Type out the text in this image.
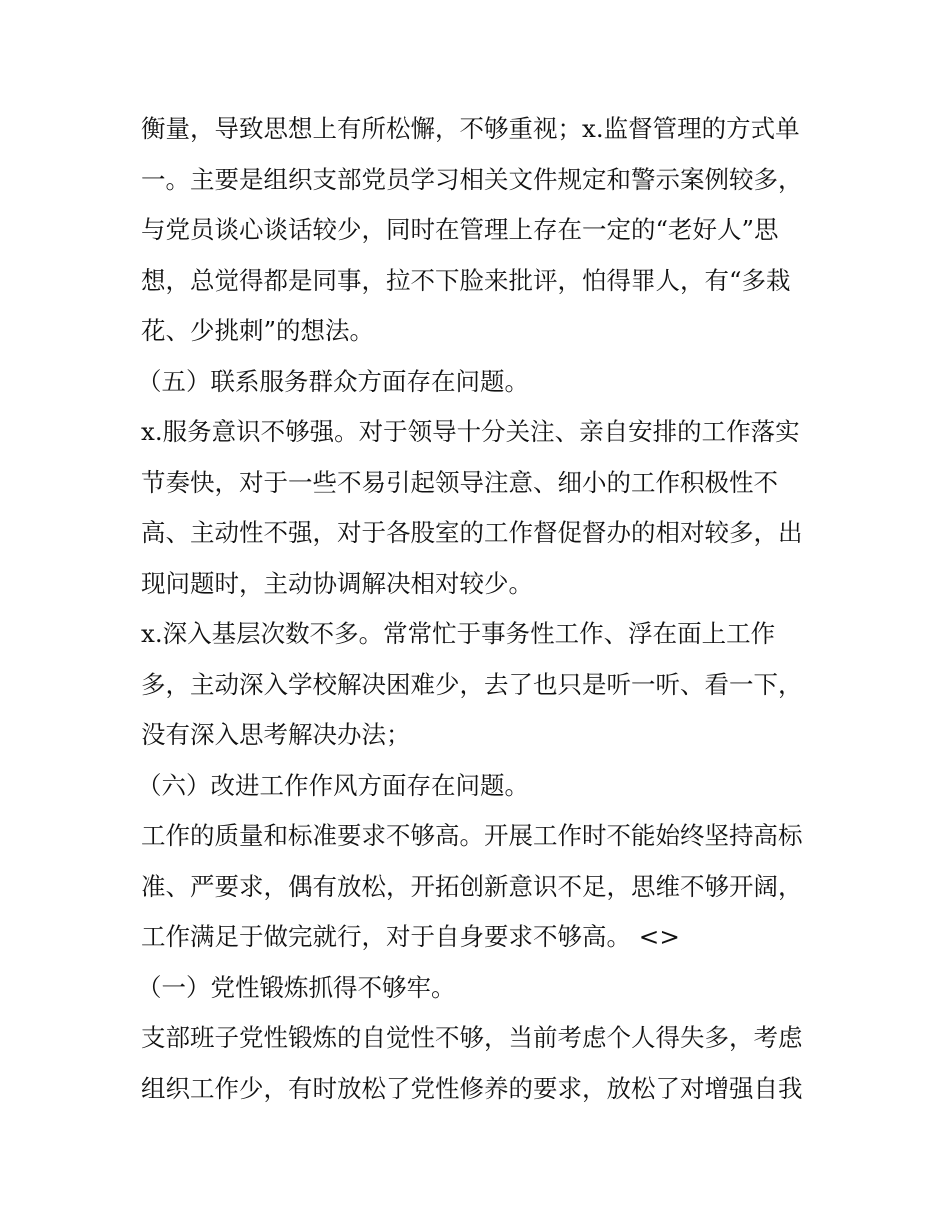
衡量，导致思想上有所松懈，不够重视；x.监督管理的方式单
一。主要是组织支部党员学习相关文件规定和警示案例较多，
与党员谈心谈话较少，同时在管理上存在一定的“老好人”思
想，总觉得都是同事，拉不下脸来批评，怕得罪人，有“多栽
花、少挑刺”的想法。
（五）联系服务群众方面存在问题。
x.服务意识不够强。对于领导十分关注、亲自安排的工作落实
节奏快，对于一些不易引起领导注意、细小的工作积极性不
高、主动性不强，对于各股室的工作督促督办的相对较多，出
现问题时，主动协调解决相对较少。
x.深入基层次数不多。常常忙于事务性工作、浮在面上工作
多，主动深入学校解决困难少，去了也只是听一听、看一下，
没有深入思考解决办法；
（六）改进工作作风方面存在问题。
工作的质量和标准要求不够高。开展工作时不能始终坚持高标
准、严要求，偶有放松，开拓创新意识不足，思维不够开阔，
工作满足于做完就行，对于自身要求不够高。 <>
（一）党性锻炼抓得不够牢。
支部班子党性锻炼的自觉性不够，当前考虑个人得失多，考虑
组织工作少，有时放松了党性修养的要求，放松了对增强自我
